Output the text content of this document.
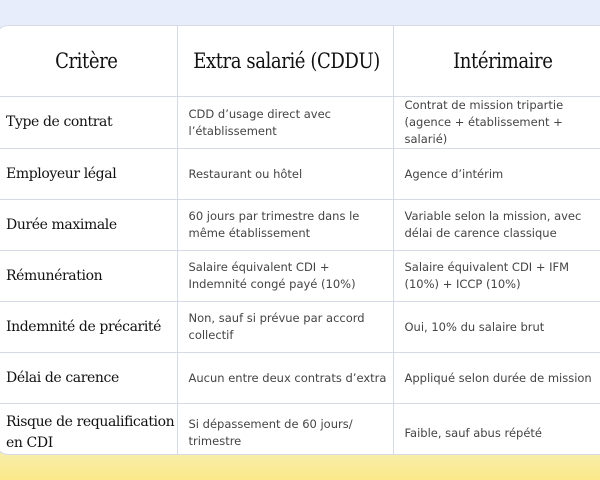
Critère	Extra salarié (CDDU)	Intérimaire

Type de contrat	CDD d’usage direct avec l’établissement	Contrat de mission tripartie (agence + établissement + salarié)

Employeur légal	Restaurant ou hôtel	Agence d’intérim

Durée maximale	60 jours par trimestre dans le même établissement	Variable selon la mission, avec délai de carence classique

Rémunération	Salaire équivalent CDI + Indemnité congé payé (10%)	Salaire équivalent CDI + IFM (10%) + ICCP (10%)

Indemnité de précarité	Non, sauf si prévue par accord collectif	Oui, 10% du salaire brut

Délai de carence	Aucun entre deux contrats d’extra	Appliqué selon durée de mission

Risque de requalification en CDI	Si dépassement de 60 jours/ trimestre	Faible, sauf abus répété
